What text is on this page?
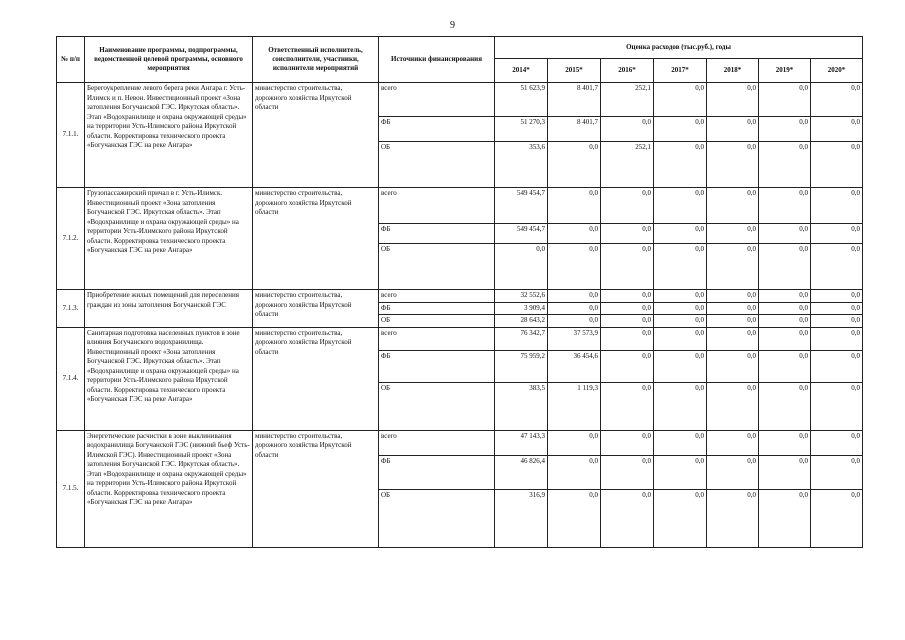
9
№ п/п	Наименование программы, подпрограммы, ведомственной целевой программы, основного мероприятия	Ответственный исполнитель, соисполнители, участники, исполнители мероприятий	Источники финансирования	Оценка расходов (тыс.руб.), годы						
				2014*	2015*	2016*	2017*	2018*	2019*	2020*
7.1.1.	Берегоукрепление левого берега реки Ангара г. Усть-Илимск и п. Невон. Инвестиционный проект «Зона затопления Богучанской ГЭС. Иркутская область». Этап «Водохранилище и охрана окружающей среды» на территории Усть-Илимского района Иркутской области. Корректировка технического проекта «Богучанская ГЭС на реке Ангара»	министерство строительства, дорожного хозяйства Иркутской области	всего	51 623,9	8 401,7	252,1	0,0	0,0	0,0	0,0
			ФБ	51 270,3	8 401,7	0,0	0,0	0,0	0,0	0,0
			ОБ	353,6	0,0	252,1	0,0	0,0	0,0	0,0
7.1.2.	Грузопассажирский причал в г. Усть-Илимск. Инвестиционный проект «Зона затопления Богучанской ГЭС. Иркутская область». Этап «Водохранилище и охрана окружающей среды» на территории Усть-Илимского района Иркутской области. Корректировка технического проекта «Богучанская ГЭС на реке Ангара»	министерство строительства, дорожного хозяйства Иркутской области	всего	549 454,7	0,0	0,0	0,0	0,0	0,0	0,0
			ФБ	549 454,7	0,0	0,0	0,0	0,0	0,0	0,0
			ОБ	0,0	0,0	0,0	0,0	0,0	0,0	0,0
7.1.3.	Приобретение жилых помещений для переселения граждан из зоны затопления Богучанской ГЭС	министерство строительства, дорожного хозяйства Иркутской области	всего	32 552,6	0,0	0,0	0,0	0,0	0,0	0,0
			ФБ	3 909,4	0,0	0,0	0,0	0,0	0,0	0,0
			ОБ	28 643,2	0,0	0,0	0,0	0,0	0,0	0,0
7.1.4.	Санитарная подготовка населенных пунктов в зоне влияния Богучанского водохранилища. Инвестиционный проект «Зона затопления Богучанской ГЭС. Иркутская область». Этап «Водохранилище и охрана окружающей среды» на территории Усть-Илимского района Иркутской области. Корректировка технического проекта «Богучанская ГЭС на реке Ангара»	министерство строительства, дорожного хозяйства Иркутской области	всего	76 342,7	37 573,9	0,0	0,0	0,0	0,0	0,0
			ФБ	75 959,2	36 454,6	0,0	0,0	0,0	0,0	0,0
			ОБ	383,5	1 119,3	0,0	0,0	0,0	0,0	0,0
7.1.5.	Энергетические расчистки в зоне выклинивания водохранилища Богучанской ГЭС (нижний бьеф Усть-Илимской ГЭС). Инвестиционный проект «Зона затопления Богучанской ГЭС. Иркутская область». Этап «Водохранилище и охрана окружающей среды» на территории Усть-Илимского района Иркутской области. Корректировка технического проекта «Богучанская ГЭС на реке Ангара»	министерство строительства, дорожного хозяйства Иркутской области	всего	47 143,3	0,0	0,0	0,0	0,0	0,0	0,0
			ФБ	46 826,4	0,0	0,0	0,0	0,0	0,0	0,0
			ОБ	316,9	0,0	0,0	0,0	0,0	0,0	0,0
